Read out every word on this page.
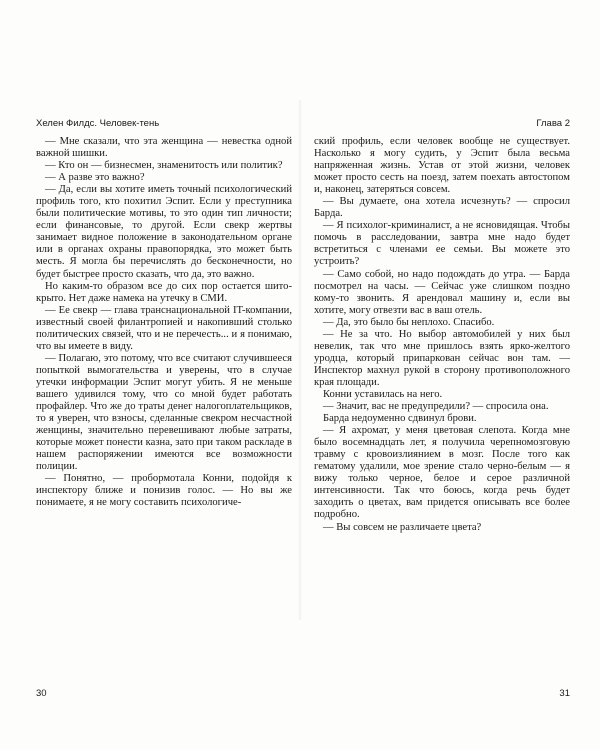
Хелен Филдс. Человек-тень

— Мне сказали, что эта женщина — невестка одной важной шишки.

— Кто он — бизнесмен, знаменитость или политик?

— А разве это важно?

— Да, если вы хотите иметь точный психологический профиль того, кто похитил Эспит. Если у преступника были политические мотивы, то это один тип личности; если финансовые, то другой. Если свекр жертвы занимает видное положение в законодательном органе или в органах охраны правопорядка, это может быть месть. Я могла бы перечислять до бесконечности, но будет быстрее просто сказать, что да, это важно.

Но каким-то образом все до сих пор остается шито-крыто. Нет даже намека на утечку в СМИ.

— Ее свекр — глава транснациональной IT-компании, известный своей филантропией и накопивший столько политических связей, что и не перечесть... и я понимаю, что вы имеете в виду.

— Полагаю, это потому, что все считают случившееся попыткой вымогательства и уверены, что в случае утечки информации Эспит могут убить. Я не меньше вашего удивился тому, что со мной будет работать профайлер. Что же до траты денег налогоплательщиков, то я уверен, что взносы, сделанные свекром несчастной женщины, значительно перевешивают любые затраты, которые может понести казна, зато при таком раскладе в нашем распоряжении имеются все возможности полиции.

— Понятно, — пробормотала Конни, подойдя к инспектору ближе и понизив голос. — Но вы же понимаете, я не могу составить психологиче-

30
Глава 2

ский профиль, если человек вообще не существует. Насколько я могу судить, у Эспит была весьма напряженная жизнь. Устав от этой жизни, человек может просто сесть на поезд, затем поехать автостопом и, наконец, затеряться совсем.

— Вы думаете, она хотела исчезнуть? — спросил Барда.

— Я психолог-криминалист, а не ясновидящая. Чтобы помочь в расследовании, завтра мне надо будет встретиться с членами ее семьи. Вы можете это устроить?

— Само собой, но надо подождать до утра. — Барда посмотрел на часы. — Сейчас уже слишком поздно кому-то звонить. Я арендовал машину и, если вы хотите, могу отвезти вас в ваш отель.

— Да, это было бы неплохо. Спасибо.

— Не за что. Но выбор автомобилей у них был невелик, так что мне пришлось взять ярко-желтого уродца, который припаркован сейчас вон там. — Инспектор махнул рукой в сторону противоположного края площади.

Конни уставилась на него.

— Значит, вас не предупредили? — спросила она.

Барда недоуменно сдвинул брови.

— Я ахромат, у меня цветовая слепота. Когда мне было восемнадцать лет, я получила черепномозговую травму с кровоизлиянием в мозг. После того как гематому удалили, мое зрение стало черно-белым — я вижу только черное, белое и серое различной интенсивности. Так что боюсь, когда речь будет заходить о цветах, вам придется описывать все более подробно.

— Вы совсем не различаете цвета?

31
